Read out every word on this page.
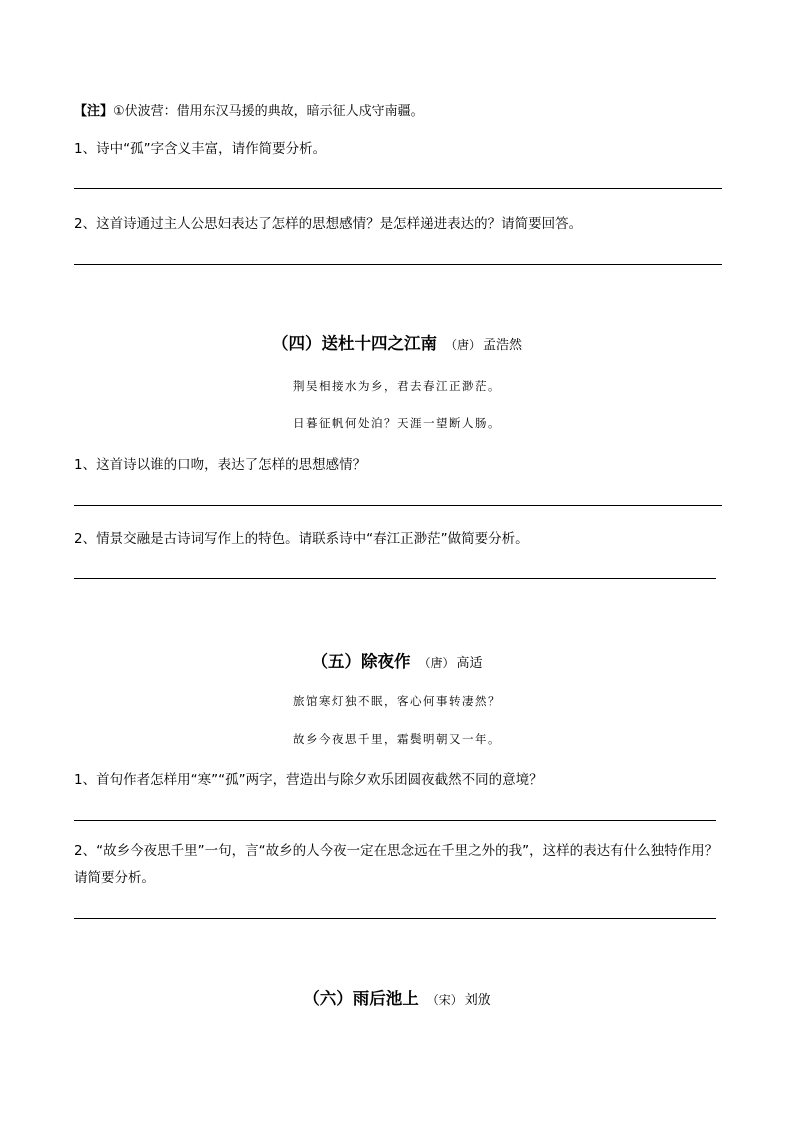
【注】①伏波营：借用东汉马援的典故，暗示征人戍守南疆。
1、诗中“孤”字含义丰富，请作简要分析。
2、这首诗通过主人公思妇表达了怎样的思想感情？是怎样递进表达的？请简要回答。
（四）送杜十四之江南 （唐） 孟浩然
荆吴相接水为乡，君去春江正渺茫。
日暮征帆何处泊？天涯一望断人肠。
1、这首诗以谁的口吻，表达了怎样的思想感情？
2、情景交融是古诗词写作上的特色。请联系诗中“春江正渺茫”做简要分析。
（五）除夜作 （唐） 高适
旅馆寒灯独不眠，客心何事转凄然？
故乡今夜思千里，霜鬓明朝又一年。
1、首句作者怎样用“寒”“孤”两字，营造出与除夕欢乐团圆夜截然不同的意境？
2、“故乡今夜思千里”一句，言“故乡的人今夜一定在思念远在千里之外的我”，这样的表达有什么独特作用？请简要分析。
（六）雨后池上 （宋） 刘攽
